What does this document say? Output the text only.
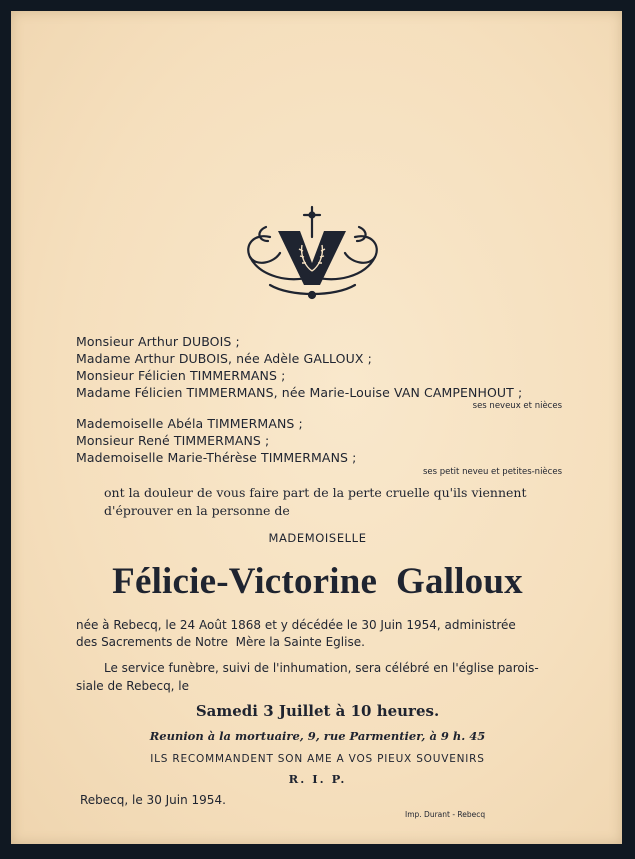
Monsieur Arthur DUBOIS ;
Madame Arthur DUBOIS, née Adèle GALLOUX ;
Monsieur Félicien TIMMERMANS ;
Madame Félicien TIMMERMANS, née Marie-Louise VAN CAMPENHOUT ;
ses neveux et nièces
Mademoiselle Abéla TIMMERMANS ;
Monsieur René TIMMERMANS ;
Mademoiselle Marie-Thérèse TIMMERMANS ;
ses petit neveu et petites-nièces
ont la douleur de vous faire part de la perte cruelle qu'ils viennent
d'éprouver en la personne de
MADEMOISELLE
Félicie-Victorine  Galloux
née à Rebecq, le 24 Août 1868 et y décédée le 30 Juin 1954, administrée
des Sacrements de Notre  Mère la Sainte Eglise.
Le service funèbre, suivi de l'inhumation, sera célébré en l'église parois-
siale de Rebecq, le
Samedi 3 Juillet à 10 heures.
Reunion à la mortuaire, 9, rue Parmentier, à 9 h. 45
ILS RECOMMANDENT SON AME A VOS PIEUX SOUVENIRS
R. I. P.
Rebecq, le 30 Juin 1954.
Imp. Durant - Rebecq
